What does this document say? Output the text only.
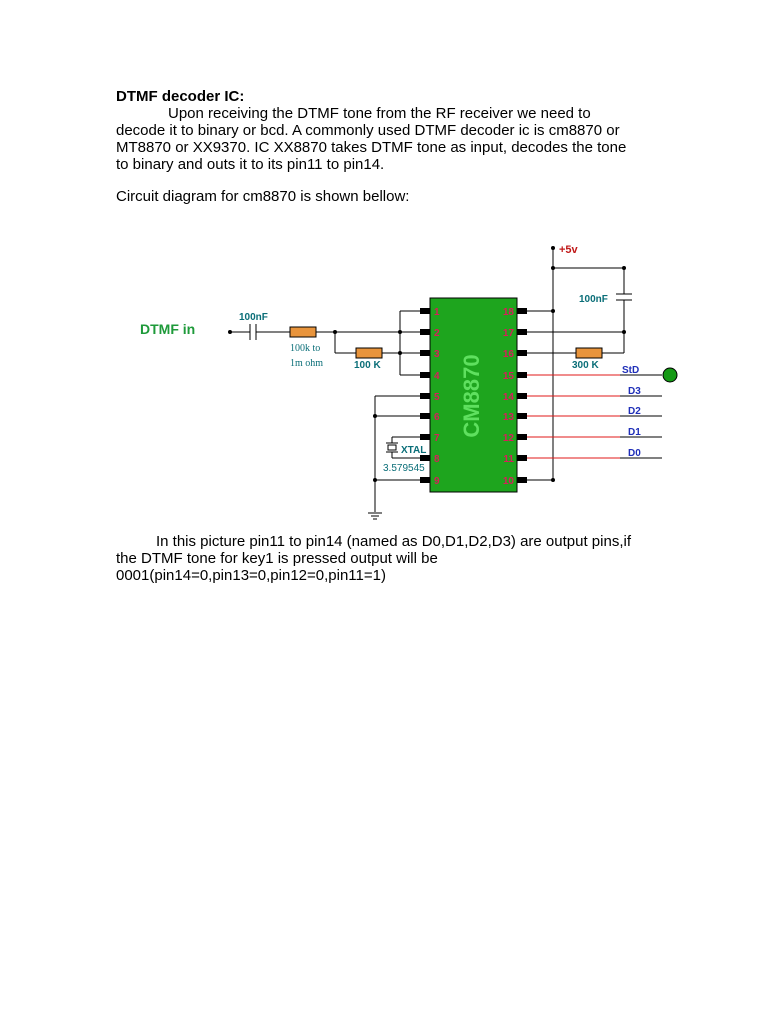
DTMF decoder IC:
Upon receiving the DTMF tone from the RF receiver we need to
decode it to binary or bcd. A commonly used DTMF decoder ic is cm8870 or
MT8870 or XX9370. IC XX8870 takes DTMF tone as input, decodes the tone
to binary and outs it to its pin11 to pin14.
Circuit diagram for cm8870 is shown bellow:
CM8870
1
2
3
4
5
6
7
8
9
18
17
16
15
14
13
12
11
10
DTMF in
+5v
100nF
100k to
1m ohm	100 K
100nF
300 K
XTAL
3.579545
StD
D3
D2
D1
D0
In this picture pin11 to pin14 (named as D0,D1,D2,D3) are output pins,if
the DTMF tone for key1 is pressed output will be
0001(pin14=0,pin13=0,pin12=0,pin11=1)
